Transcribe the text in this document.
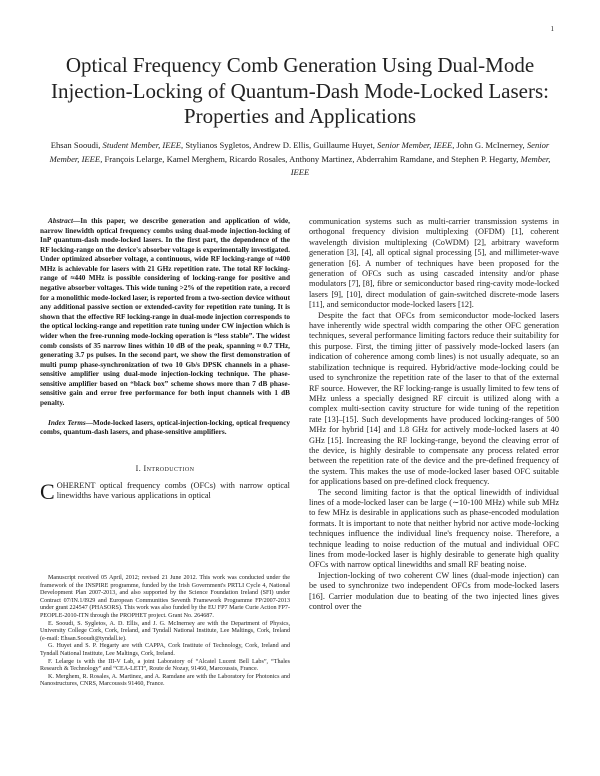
1
Optical Frequency Comb Generation Using Dual-Mode Injection-Locking of Quantum-Dash Mode-Locked Lasers: Properties and Applications
Ehsan Sooudi, Student Member, IEEE, Stylianos Sygletos, Andrew D. Ellis, Guillaume Huyet, Senior Member, IEEE, John G. McInerney, Senior Member, IEEE, François Lelarge, Kamel Merghem, Ricardo Rosales, Anthony Martinez, Abderrahim Ramdane, and Stephen P. Hegarty, Member, IEEE

Abstract—In this paper, we describe generation and application of wide, narrow linewidth optical frequency combs using dual-mode injection-locking of InP quantum-dash mode-locked lasers. In the first part, the dependence of the RF locking-range on the device's absorber voltage is experimentally investigated. Under optimized absorber voltage, a continuous, wide RF locking-range of ≈400 MHz is achievable for lasers with 21 GHz repetition rate. The total RF locking-range of ≈440 MHz is possible considering of locking-range for positive and negative absorber voltages. This wide tuning >2% of the repetition rate, a record for a monolithic mode-locked laser, is reported from a two-section device without any additional passive section or extended-cavity for repetition rate tuning. It is shown that the effective RF locking-range in dual-mode injection corresponds to the optical locking-range and repetition rate tuning under CW injection which is wider when the free-running mode-locking operation is “less stable”. The widest comb consists of 35 narrow lines within 10 dB of the peak, spanning ≈ 0.7 THz, generating 3.7 ps pulses. In the second part, we show the first demonstration of multi pump phase-synchronization of two 10 Gb/s DPSK channels in a phase-sensitive amplifier using dual-mode injection-locking technique. The phase-sensitive amplifier based on “black box” scheme shows more than 7 dB phase-sensitive gain and error free performance for both input channels with 1 dB penalty.

Index Terms—Mode-locked lasers, optical-injection-locking, optical frequency combs, quantum-dash lasers, and phase-sensitive amplifiers.

I. Introduction

COHERENT optical frequency combs (OFCs) with narrow optical linewidths have various applications in optical

Manuscript received 05 April, 2012; revised 21 June 2012. This work was conducted under the framework of the INSPIRE programme, funded by the Irish Government's PRTLI Cycle 4, National Development Plan 2007-2013, and also supported by the Science Foundation Ireland (SFI) under Contract 07/IN.1/I929 and European Communities Seventh Framework Programme FP/2007-2013 under grant 224547 (PHASORS). This work was also funded by the EU FP7 Marie Curie Action FP7-PEOPLE-2010-ITN through the PROPHET project. Grant No. 264687.

E. Sooudi, S. Sygletos, A. D. Ellis, and J. G. McInerney are with the Department of Physics, University College Cork, Cork, Ireland, and Tyndall National Institute, Lee Maltings, Cork, Ireland (e-mail: Ehsan.Sooudi@tyndall.ie).

G. Huyet and S. P. Hegarty are with CAPPA, Cork Institute of Technology, Cork, Ireland and Tyndall National Institute, Lee Maltings, Cork, Ireland.

F. Lelarge is with the III-V Lab, a joint Laboratory of “Alcatel Lucent Bell Labs”, “Thales Research & Technology” and “CEA-LETI”, Route de Nozay, 91460, Marcoussis, France.

K. Merghem, R. Rosales, A. Martinez, and A. Ramdane are with the Laboratory for Photonics and Nanostructures, CNRS, Marcoussis 91460, France.

communication systems such as multi-carrier transmission systems in orthogonal frequency division multiplexing (OFDM) [1], coherent wavelength division multiplexing (CoWDM) [2], arbitrary waveform generation [3], [4], all optical signal processing [5], and millimeter-wave generation [6]. A number of techniques have been proposed for the generation of OFCs such as using cascaded intensity and/or phase modulators [7], [8], fibre or semiconductor based ring-cavity mode-locked lasers [9], [10], direct modulation of gain-switched discrete-mode lasers [11], and semiconductor mode-locked lasers [12].

Despite the fact that OFCs from semiconductor mode-locked lasers have inherently wide spectral width comparing the other OFC generation techniques, several performance limiting factors reduce their suitability for this purpose. First, the timing jitter of passively mode-locked lasers (an indication of coherence among comb lines) is not usually adequate, so an stabilization technique is required. Hybrid/active mode-locking could be used to synchronize the repetition rate of the laser to that of the external RF source. However, the RF locking-range is usually limited to few tens of MHz unless a specially designed RF circuit is utilized along with a complex multi-section cavity structure for wide tuning of the repetition rate [13]–[15]. Such developments have produced locking-ranges of 500 MHz for hybrid [14] and 1.8 GHz for actively mode-locked lasers at 40 GHz [15]. Increasing the RF locking-range, beyond the cleaving error of the device, is highly desirable to compensate any process related error between the repetition rate of the device and the pre-defined frequency of the system. This makes the use of mode-locked laser based OFC suitable for applications based on pre-defined clock frequency.

The second limiting factor is that the optical linewidth of individual lines of a mode-locked laser can be large (∼10-100 MHz) while sub MHz to few MHz is desirable in applications such as phase-encoded modulation formats. It is important to note that neither hybrid nor active mode-locking techniques influence the individual line's frequency noise. Therefore, a technique leading to noise reduction of the mutual and individual OFC lines from mode-locked laser is highly desirable to generate high quality OFCs with narrow optical linewidths and small RF beating noise.

Injection-locking of two coherent CW lines (dual-mode injection) can be used to synchronize two independent OFCs from mode-locked lasers [16]. Carrier modulation due to beating of the two injected lines gives control over the
